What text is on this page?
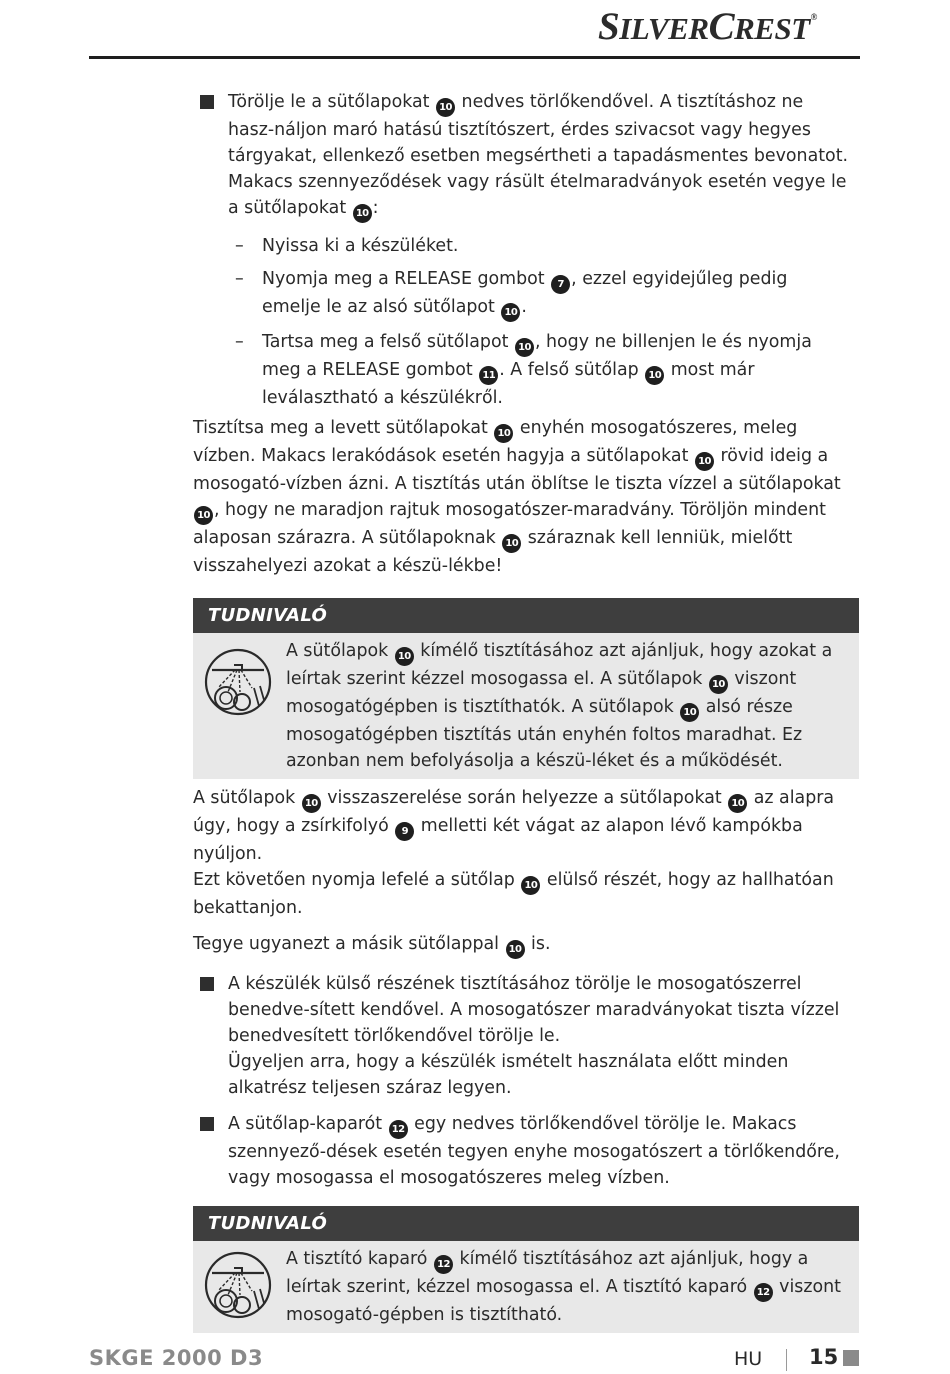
SILVERCREST®
Törölje le a sütőlapokat 10 nedves törlőkendővel. A tisztításhoz ne hasz-náljon maró hatású tisztítószert, érdes szivacsot vagy hegyes tárgyakat, ellenkező esetben megsértheti a tapadásmentes bevonatot.
Makacs szennyeződések vagy rásült ételmaradványok esetén vegye le a sütőlapokat 10 :
– Nyissa ki a készüléket.
– Nyomja meg a RELEASE gombot 7 , ezzel egyidejűleg pedig emelje le az alsó sütőlapot 10 .
– Tartsa meg a felső sütőlapot 10 , hogy ne billenjen le és nyomja meg a RELEASE gombot 11 . A felső sütőlap 10 most már leválasztható a készülékről.
Tisztítsa meg a levett sütőlapokat 10 enyhén mosogatószeres, meleg vízben. Makacs lerakódások esetén hagyja a sütőlapokat 10 rövid ideig a mosogató-vízben ázni. A tisztítás után öblítse le tiszta vízzel a sütőlapokat 10 , hogy ne maradjon rajtuk mosogatószer-maradvány. Töröljön mindent alaposan szárazra. A sütőlapoknak 10 száraznak kell lenniük, mielőtt visszahelyezi azokat a készü-lékbe!
TUDNIVALÓ
A sütőlapok 10 kímélő tisztításához azt ajánljuk, hogy azokat a leírtak szerint kézzel mosogassa el. A sütőlapok 10 viszont mosogatógépben is tisztíthatók. A sütőlapok 10 alsó része mosogatógépben tisztítás után enyhén foltos maradhat. Ez azonban nem befolyásolja a készü-léket és a működését.
A sütőlapok 10 visszaszerelése során helyezze a sütőlapokat 10 az alapra úgy, hogy a zsírkifolyó 9 melletti két vágat az alapon lévő kampókba nyúljon.
Ezt követően nyomja lefelé a sütőlap 10 elülső részét, hogy az hallhatóan bekattanjon.
Tegye ugyanezt a másik sütőlappal 10 is.
A készülék külső részének tisztításához törölje le mosogatószerrel benedve-sített kendővel. A mosogatószer maradványokat tiszta vízzel benedvesített törlőkendővel törölje le.
Ügyeljen arra, hogy a készülék ismételt használata előtt minden alkatrész teljesen száraz legyen.
A sütőlap-kaparót 12 egy nedves törlőkendővel törölje le. Makacs szennyező-dések esetén tegyen enyhe mosogatószert a törlőkendőre, vagy mosogassa el mosogatószeres meleg vízben.
TUDNIVALÓ
A tisztító kaparó 12 kímélő tisztításához azt ajánljuk, hogy a leírtak szerint, kézzel mosogassa el. A tisztító kaparó 12 viszont mosogató-gépben is tisztítható.
SKGE 2000 D3	HU 15
